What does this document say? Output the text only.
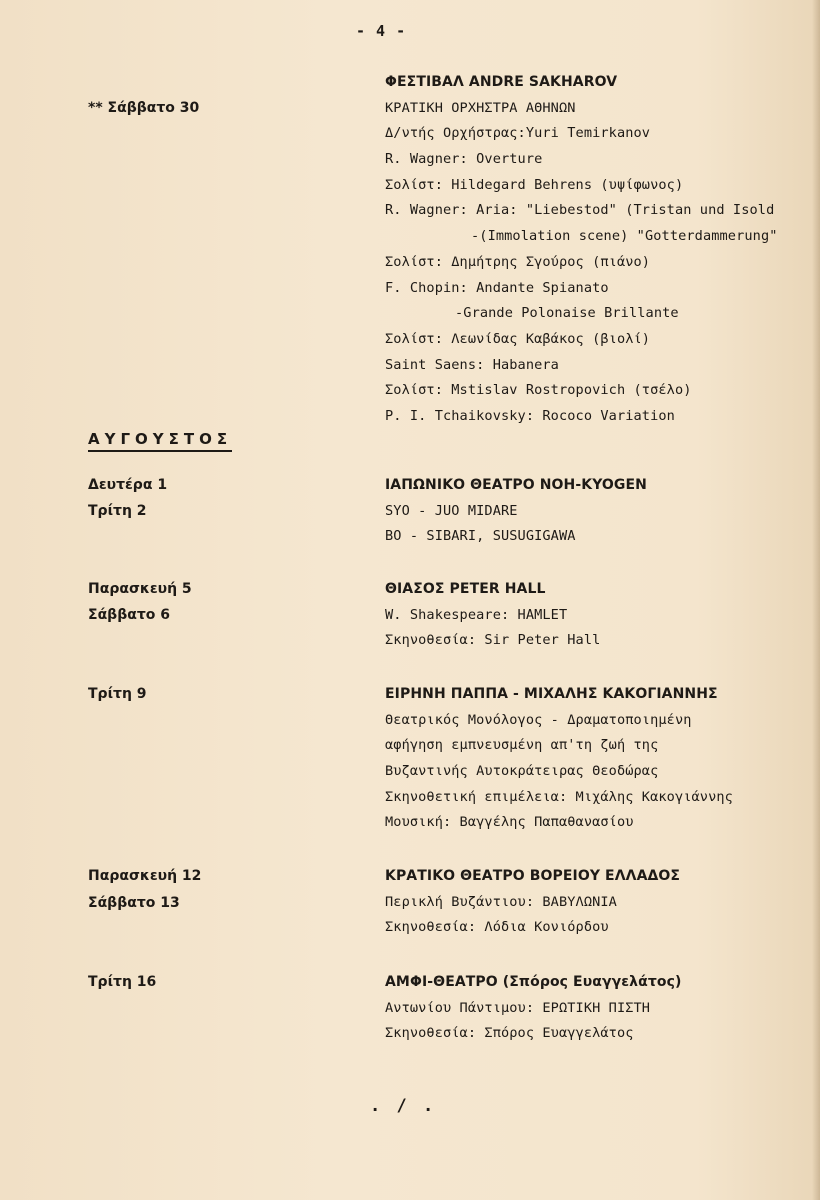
- 4 -
** Σάββατο 30
ΑΥΓΟΥΣΤΟΣ
Δευτέρα 1
Τρίτη 2
Παρασκευή 5
Σάββατο 6
Τρίτη 9
Παρασκευή 12
Σάββατο 13
Τρίτη 16
ΦΕΣΤΙΒΑΛ ANDRE SAKHAROV
ΚΡΑΤΙΚΗ ΟΡΧΗΣΤΡΑ ΑΘΗΝΩΝ
Δ/ντής Ορχήστρας:Yuri Temirkanov
R. Wagner: Overture
Σολίστ: Hildegard Behrens (υψίφωνος)
R. Wagner: Aria: "Liebestod" (Tristan und Isold
-(Immolation scene) "Gotterdammerung"
Σολίστ: Δημήτρης Σγούρος (πιάνο)
F. Chopin: Andante Spianato
-Grande Polonaise Brillante
Σολίστ: Λεωνίδας Καβάκος (βιολί)
Saint Saens: Habanera
Σολίστ: Mstislav Rostropovich (τσέλο)
P. I. Tchaikovsky: Rococo Variation
ΙΑΠΩΝΙΚΟ ΘΕΑΤΡΟ NOH-KYOGEN
SYO - JUO MIDARE
BO - SIBARI, SUSUGIGAWA
ΘΙΑΣΟΣ PETER HALL
W. Shakespeare: HAMLET
Σκηνοθεσία: Sir Peter Hall
ΕΙΡΗΝΗ ΠΑΠΠΑ - ΜΙΧΑΛΗΣ ΚΑΚΟΓΙΑΝΝΗΣ
Θεατρικός Μονόλογος - Δραματοποιημένη
αφήγηση εμπνευσμένη απ'τη ζωή της
Βυζαντινής Αυτοκράτειρας Θεοδώρας
Σκηνοθετική επιμέλεια: Μιχάλης Κακογιάννης
Μουσική: Βαγγέλης Παπαθανασίου
ΚΡΑΤΙΚΟ ΘΕΑΤΡΟ ΒΟΡΕΙΟΥ ΕΛΛΑΔΟΣ
Περικλή Βυζάντιου: ΒΑΒΥΛΩΝΙΑ
Σκηνοθεσία: Λόδια Κονιόρδου
ΑΜΦΙ-ΘΕΑΤΡΟ (Σπόρος Ευαγγελάτος)
Αντωνίου Πάντιμου: ΕΡΩΤΙΚΗ ΠΙΣΤΗ
Σκηνοθεσία: Σπόρος Ευαγγελάτος
. / .
